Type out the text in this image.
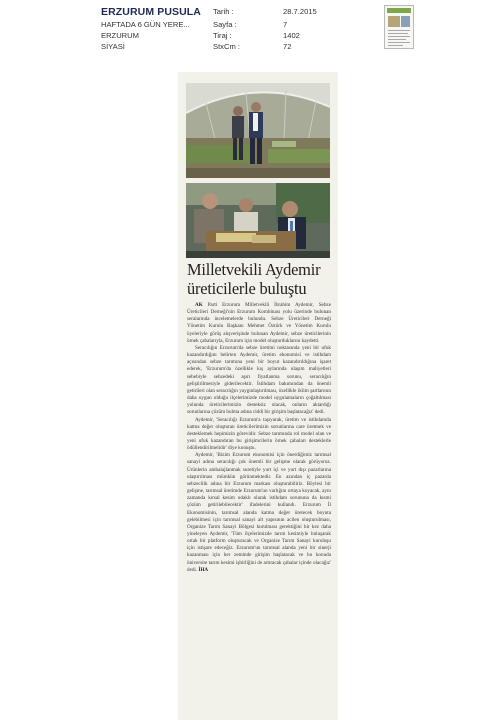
ERZURUM PUSULA
HAFTADA 6 GÜN YERE...
ERZURUM
SİYASİ
Tarih :	28.7.2015
Sayfa :	7
Tiraj :	1402
StxCm :	72
Milletvekili Aydemir üreticilerle buluştu

AK Parti Erzurum Milletvekili İbrahim Aydemir, Sebze Üreticileri Derneği'nin Erzurum Kombinası yolu üzerinde bulunan seralarında incelemelerde bulundu. Sebze Üreticileri Derneği Yönetim Kurulu Başkanı Mehmet Öztürk ve Yönetim Kurulu üyeleriyle görüş alışverişinde bulunan Aydemir, sebze üreticilerinin örnek çabalarıyla, Erzurum için model oluşturduklarını kaydetti.

Seracılığın Erzurum'da sebze üretimi noktasında yeni bir ufuk kazandırdığını belirten Aydemir, üretim ekonomisi ve istihdam açısından sebze tarımına yeni bir boyut kazandırıldığına işaret ederek, 'Erzurum'da özellikle kış aylarında ulaşım maliyetleri sebebiyle sebzedeki aşırı fiyatlanma sorunu, seracılığın geliştirilmesiyle giderilecektir. İstihdam bakımından da önemli getirileri olan seracılığın yaygınlaştırılması, özellikle iklim şartlarının daha uygun olduğu ilçelerimizde model uygulamaların çoğaltılması yolunda üreticilerimizin desteksiz olacak, onların aktardığı sorunlarına çözüm bulma adına ciddi bir girişim başlatacağız' dedi.

Aydemir, 'Seracılığı Erzurum'a taşıyarak, üretim ve istihdamda katma değer oluşturan üreticilerimizin sorunlarına care üretmek ve desteklemek hepimizin görevidir. Sebze tarımında rol model olan ve yeni ufuk kazandıran bu girişimcilerin örnek çabaları desteklerle ödüllendirilmelidir' diye konuştu.

Aydemir, 'Bizim Erzurum ekonomisi için önerdiğimiz tarımsal sanayi adına seracılığı çok önemli bir gelişme olarak görüyoruz. Ürünlerin ambalajlanmak suretiyle yurt içi ve yurt dışı pazarlarına ulaştırılması mümkün görünmektedir. En azından iç pazarda sebzecilik adına bir Erzurum markası oluşturabiliriz. Böylesi bir gelişme, tarımsal üretimde Erzurum'un varlığını ortaya koyacak, aynı zamanda kırsal kesim odaklı olarak istihdam sorununa da kısmi çözüm getirilebilecektir' ifadelerini kullandı. Erzurum İl Ekonomisinin, tarımsal alanda katma değer üretecek boyuta gelebilmesi için tarımsal sanayi alt yapısının acilen oluşturulması, Organize Tarım Sanayi Bölgesi kurulması gerektiğini bir kez daha yineleyen Aydemir, 'Tüm ilçelerimizde tarım kesimiyle buluşarak ortak bir platform oluşturacak ve Organize Tarım Sanayi kuruluşu için istişare edeceğiz. Erzurum'un tarımsal alanda yeni bir sinerji kazanması için her zeminde girişim başlatacak ve bu konuda üniversite tarım kesimi işbirliğini de artıracak çabalar içinde olacağız' dedi. İHA
